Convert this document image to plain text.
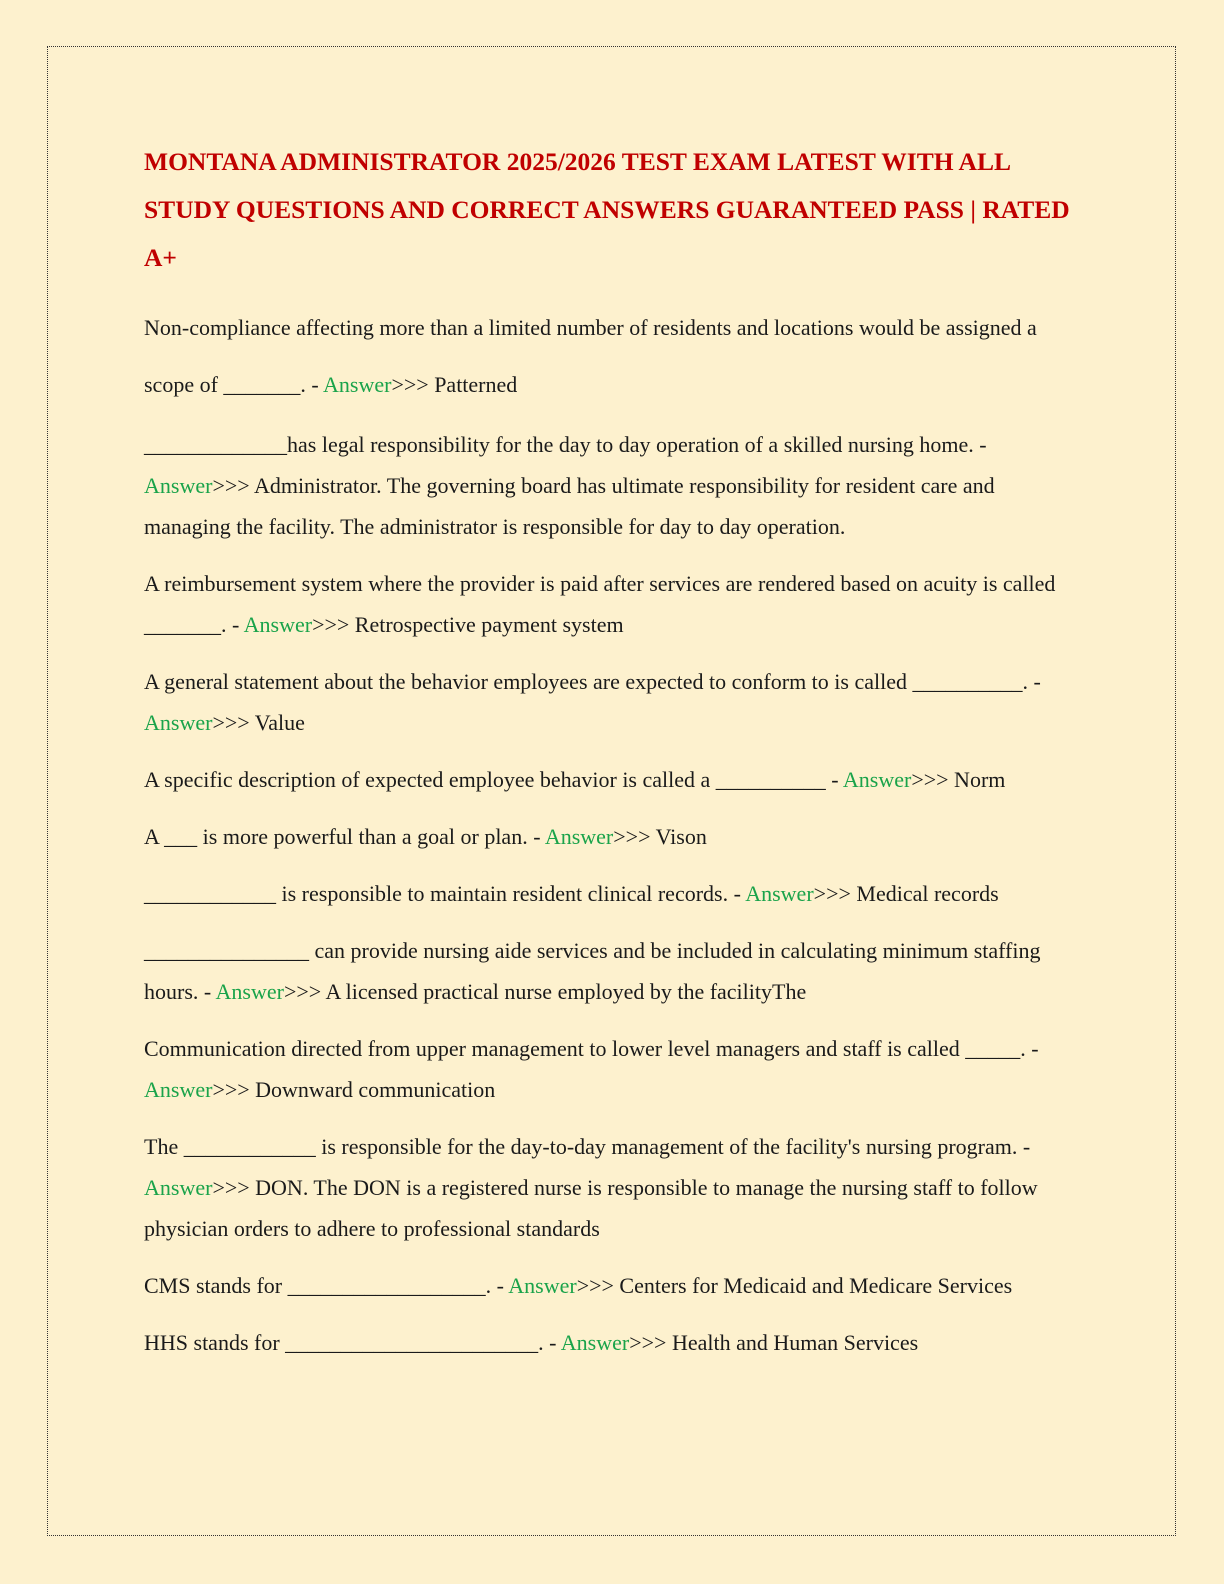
MONTANA ADMINISTRATOR 2025/2026 TEST EXAM LATEST WITH ALL STUDY QUESTIONS AND CORRECT ANSWERS GUARANTEED PASS | RATED A+

Non-compliance affecting more than a limited number of residents and locations would be assigned a scope of _______. - Answer>>> Patterned

_____________has legal responsibility for the day to day operation of a skilled nursing home. - Answer>>> Administrator. The governing board has ultimate responsibility for resident care and managing the facility. The administrator is responsible for day to day operation.

A reimbursement system where the provider is paid after services are rendered based on acuity is called _______. - Answer>>> Retrospective payment system

A general statement about the behavior employees are expected to conform to is called __________. - Answer>>> Value

A specific description of expected employee behavior is called a __________ - Answer>>> Norm

A ___ is more powerful than a goal or plan. - Answer>>> Vison

____________ is responsible to maintain resident clinical records. - Answer>>> Medical records

_______________ can provide nursing aide services and be included in calculating minimum staffing hours. - Answer>>> A licensed practical nurse employed by the facilityThe

Communication directed from upper management to lower level managers and staff is called _____. - Answer>>> Downward communication

The ____________ is responsible for the day-to-day management of the facility's nursing program. - Answer>>> DON. The DON is a registered nurse is responsible to manage the nursing staff to follow physician orders to adhere to professional standards

CMS stands for __________________. - Answer>>> Centers for Medicaid and Medicare Services

HHS stands for _______________________. - Answer>>> Health and Human Services
